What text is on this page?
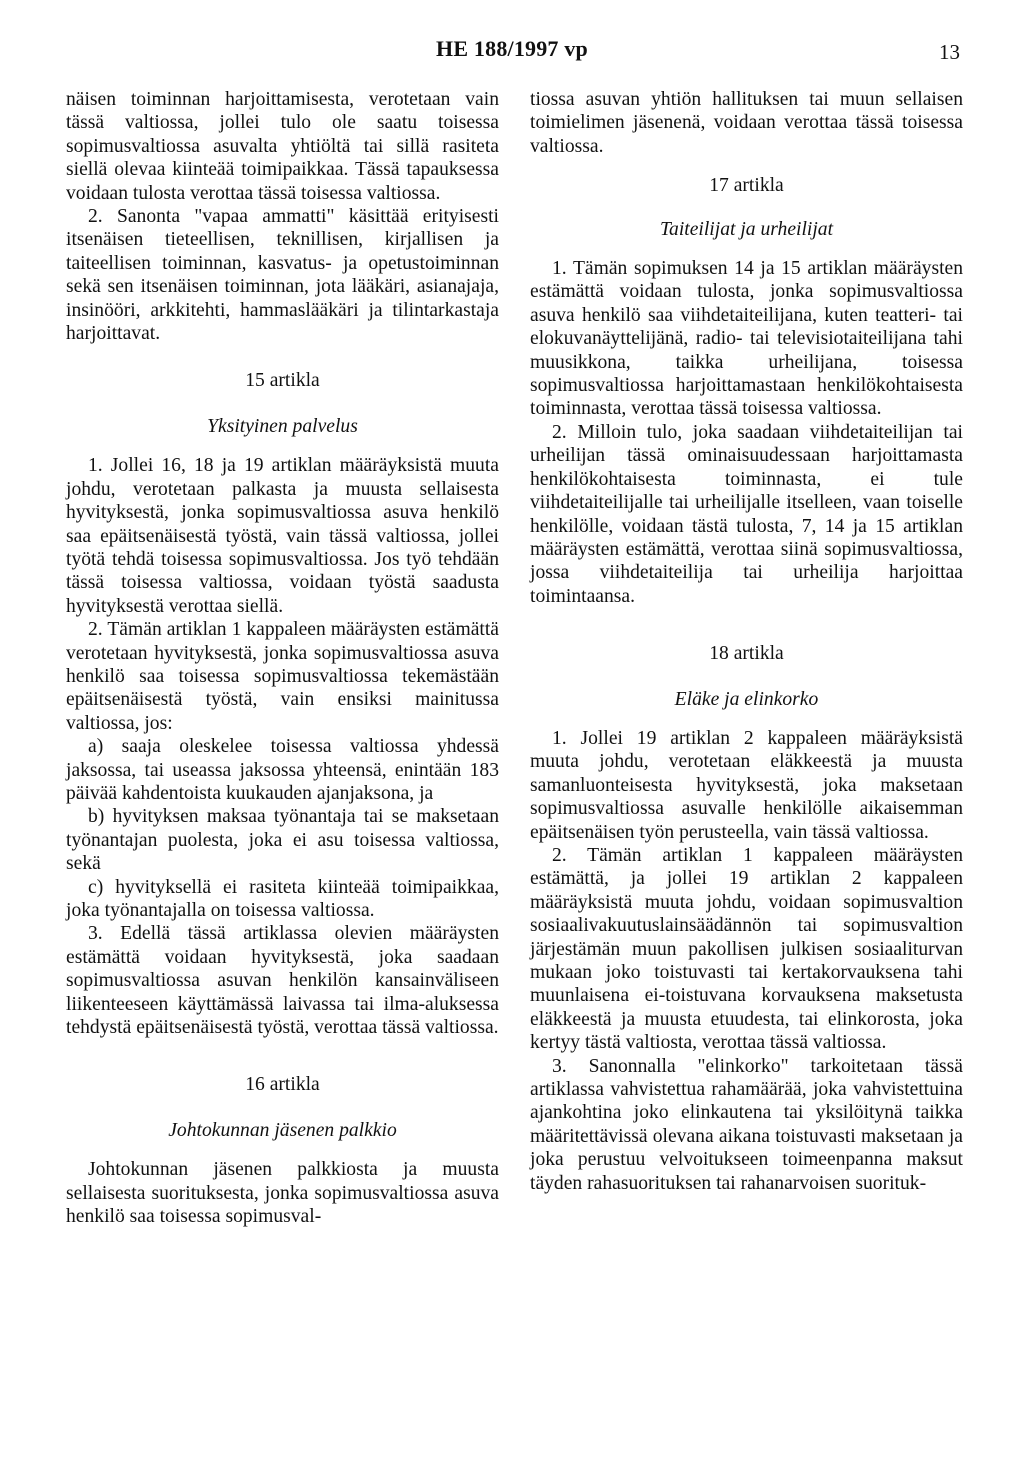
HE 188/1997 vp	13

näisen toiminnan harjoittamisesta, verotetaan vain tässä valtiossa, jollei tulo ole saatu toisessa sopimusvaltiossa asuvalta yhtiöltä tai sillä rasiteta siellä olevaa kiinteää toimipaikkaa. Tässä tapauksessa voidaan tulosta verottaa tässä toisessa valtiossa.

2. Sanonta "vapaa ammatti" käsittää erityisesti itsenäisen tieteellisen, teknillisen, kirjallisen ja taiteellisen toiminnan, kasvatus- ja opetustoiminnan sekä sen itsenäisen toiminnan, jota lääkäri, asianajaja, insinööri, arkkitehti, hammaslääkäri ja tilintarkastaja harjoittavat.

15 artikla

Yksityinen palvelus

1. Jollei 16, 18 ja 19 artiklan määräyksistä muuta johdu, verotetaan palkasta ja muusta sellaisesta hyvityksestä, jonka sopimusvaltiossa asuva henkilö saa epäitsenäisestä työstä, vain tässä valtiossa, jollei työtä tehdä toisessa sopimusvaltiossa. Jos työ tehdään tässä toisessa valtiossa, voidaan työstä saadusta hyvityksestä verottaa siellä.

2. Tämän artiklan 1 kappaleen määräysten estämättä verotetaan hyvityksestä, jonka sopimusvaltiossa asuva henkilö saa toisessa sopimusvaltiossa tekemästään epäitsenäisestä työstä, vain ensiksi mainitussa valtiossa, jos:

a) saaja oleskelee toisessa valtiossa yhdessä jaksossa, tai useassa jaksossa yhteensä, enintään 183 päivää kahdentoista kuukauden ajanjaksona, ja

b) hyvityksen maksaa työnantaja tai se maksetaan työnantajan puolesta, joka ei asu toisessa valtiossa, sekä

c) hyvityksellä ei rasiteta kiinteää toimipaikkaa, joka työnantajalla on toisessa valtiossa.

3. Edellä tässä artiklassa olevien määräysten estämättä voidaan hyvityksestä, joka saadaan sopimusvaltiossa asuvan henkilön kansainväliseen liikenteeseen käyttämässä laivassa tai ilma-aluksessa tehdystä epäitsenäisestä työstä, verottaa tässä valtiossa.

16 artikla

Johtokunnan jäsenen palkkio

Johtokunnan jäsenen palkkiosta ja muusta sellaisesta suorituksesta, jonka sopimusvaltiossa asuva henkilö saa toisessa sopimusval-

tiossa asuvan yhtiön hallituksen tai muun sellaisen toimielimen jäsenenä, voidaan verottaa tässä toisessa valtiossa.

17 artikla

Taiteilijat ja urheilijat

1. Tämän sopimuksen 14 ja 15 artiklan määräysten estämättä voidaan tulosta, jonka sopimusvaltiossa asuva henkilö saa viihdetaiteilijana, kuten teatteri- tai elokuvanäyttelijänä, radio- tai televisiotaiteilijana tahi muusikkona, taikka urheilijana, toisessa sopimusvaltiossa harjoittamastaan henkilökohtaisesta toiminnasta, verottaa tässä toisessa valtiossa.

2. Milloin tulo, joka saadaan viihdetaiteilijan tai urheilijan tässä ominaisuudessaan harjoittamasta henkilökohtaisesta toiminnasta, ei tule viihdetaiteilijalle tai urheilijalle itselleen, vaan toiselle henkilölle, voidaan tästä tulosta, 7, 14 ja 15 artiklan määräysten estämättä, verottaa siinä sopimusvaltiossa, jossa viihdetaiteilija tai urheilija harjoittaa toimintaansa.

18 artikla

Eläke ja elinkorko

1. Jollei 19 artiklan 2 kappaleen määräyksistä muuta johdu, verotetaan eläkkeestä ja muusta samanluonteisesta hyvityksestä, joka maksetaan sopimusvaltiossa asuvalle henkilölle aikaisemman epäitsenäisen työn perusteella, vain tässä valtiossa.

2. Tämän artiklan 1 kappaleen määräysten estämättä, ja jollei 19 artiklan 2 kappaleen määräyksistä muuta johdu, voidaan sopimusvaltion sosiaalivakuutuslainsäädännön tai sopimusvaltion järjestämän muun pakollisen julkisen sosiaaliturvan mukaan joko toistuvasti tai kertakorvauksena tahi muunlaisena ei-toistuvana korvauksena maksetusta eläkkeestä ja muusta etuudesta, tai elinkorosta, joka kertyy tästä valtiosta, verottaa tässä valtiossa.

3. Sanonnalla "elinkorko" tarkoitetaan tässä artiklassa vahvistettua rahamäärää, joka vahvistettuina ajankohtina joko elinkautena tai yksilöitynä taikka määritettävissä olevana aikana toistuvasti maksetaan ja joka perustuu velvoitukseen toimeenpanna maksut täyden rahasuorituksen tai rahanarvoisen suorituk-
